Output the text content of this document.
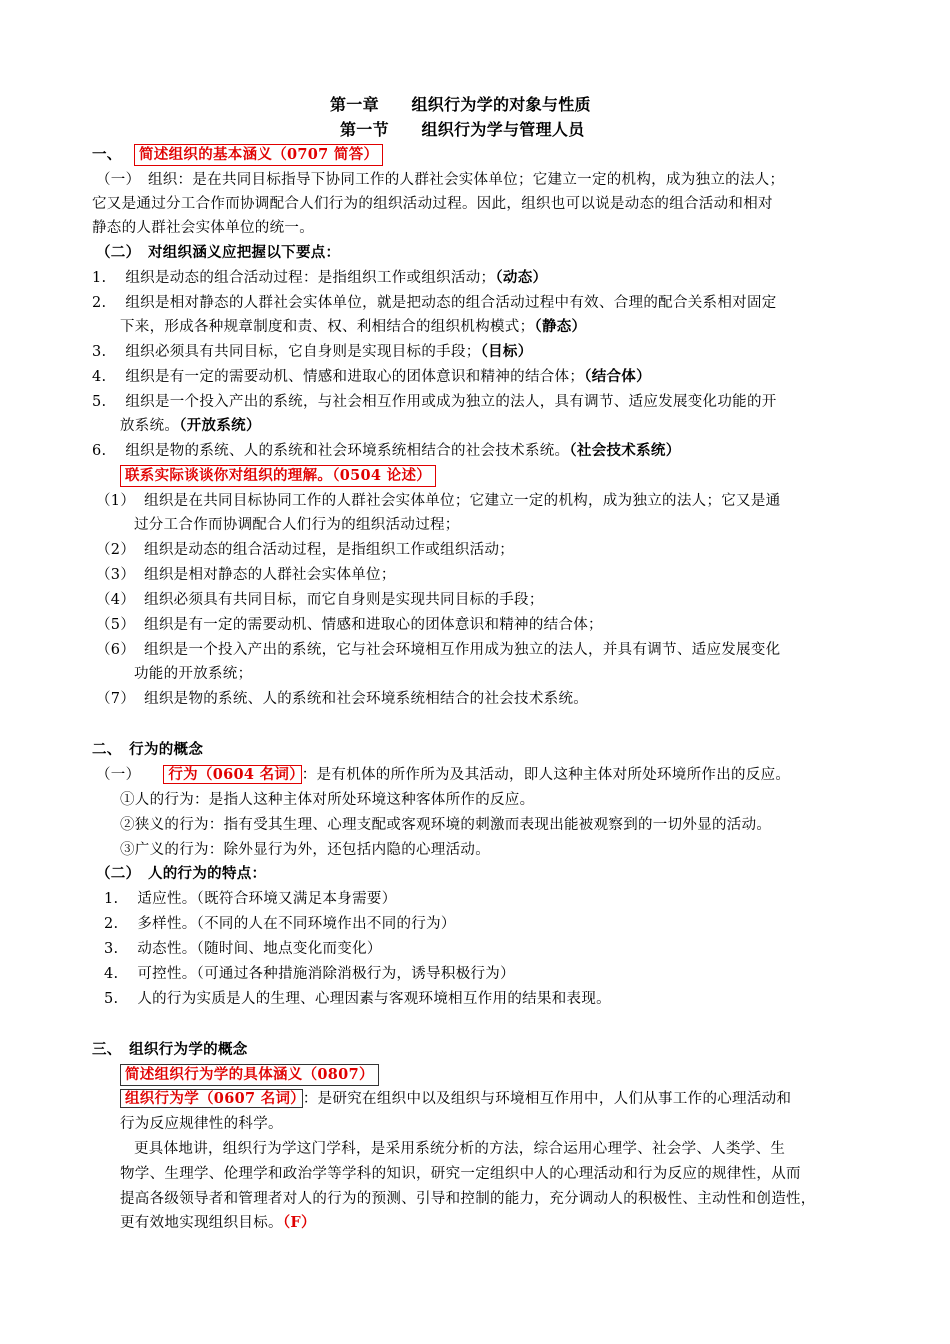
第一章　　组织行为学的对象与性质
第一节　　组织行为学与管理人员
一、	简述组织的基本涵义（0707 简答）
（一）　组织：是在共同目标指导下协同工作的人群社会实体单位；它建立一定的机构，成为独立的法人；
它又是通过分工合作而协调配合人们行为的组织活动过程。因此，组织也可以说是动态的组合活动和相对
静态的人群社会实体单位的统一。
（二）　对组织涵义应把握以下要点：
1. 组织是动态的组合活动过程：是指组织工作或组织活动；（动态）
2. 组织是相对静态的人群社会实体单位，就是把动态的组合活动过程中有效、合理的配合关系相对固定
下来，形成各种规章制度和责、权、利相结合的组织机构模式；（静态）
3. 组织必须具有共同目标，它自身则是实现目标的手段；（目标）
4. 组织是有一定的需要动机、情感和进取心的团体意识和精神的结合体；（结合体）
5. 组织是一个投入产出的系统，与社会相互作用或成为独立的法人，具有调节、适应发展变化功能的开
放系统。（开放系统）
6. 组织是物的系统、人的系统和社会环境系统相结合的社会技术系统。（社会技术系统）
联系实际谈谈你对组织的理解。（0504 论述）
（1） 组织是在共同目标协同工作的人群社会实体单位；它建立一定的机构，成为独立的法人；它又是通
过分工合作而协调配合人们行为的组织活动过程；
（2） 组织是动态的组合活动过程，是指组织工作或组织活动；
（3） 组织是相对静态的人群社会实体单位；
（4） 组织必须具有共同目标，而它自身则是实现共同目标的手段；
（5） 组织是有一定的需要动机、情感和进取心的团体意识和精神的结合体；
（6） 组织是一个投入产出的系统，它与社会环境相互作用成为独立的法人，并具有调节、适应发展变化
功能的开放系统；
（7） 组织是物的系统、人的系统和社会环境系统相结合的社会技术系统。
二、　行为的概念
（一） 行为（0604 名词） ：是有机体的所作所为及其活动，即人这种主体对所处环境所作出的反应。
①人的行为：是指人这种主体对所处环境这种客体所作的反应。
②狭义的行为：指有受其生理、心理支配或客观环境的刺激而表现出能被观察到的一切外显的活动。
③广义的行为：除外显行为外，还包括内隐的心理活动。
（二）　人的行为的特点：
1. 适应性。（既符合环境又满足本身需要）
2. 多样性。（不同的人在不同环境作出不同的行为）
3. 动态性。（随时间、地点变化而变化）
4. 可控性。（可通过各种措施消除消极行为，诱导积极行为）
5. 人的行为实质是人的生理、心理因素与客观环境相互作用的结果和表现。
三、　组织行为学的概念
简述组织行为学的具体涵义（0807）
组织行为学（0607 名词） ：是研究在组织中以及组织与环境相互作用中，人们从事工作的心理活动和
行为反应规律性的科学。
更具体地讲，组织行为学这门学科，是采用系统分析的方法，综合运用心理学、社会学、人类学、生
物学、生理学、伦理学和政治学等学科的知识，研究一定组织中人的心理活动和行为反应的规律性，从而
提高各级领导者和管理者对人的行为的预测、引导和控制的能力，充分调动人的积极性、主动性和创造性，
更有效地实现组织目标。（F）
